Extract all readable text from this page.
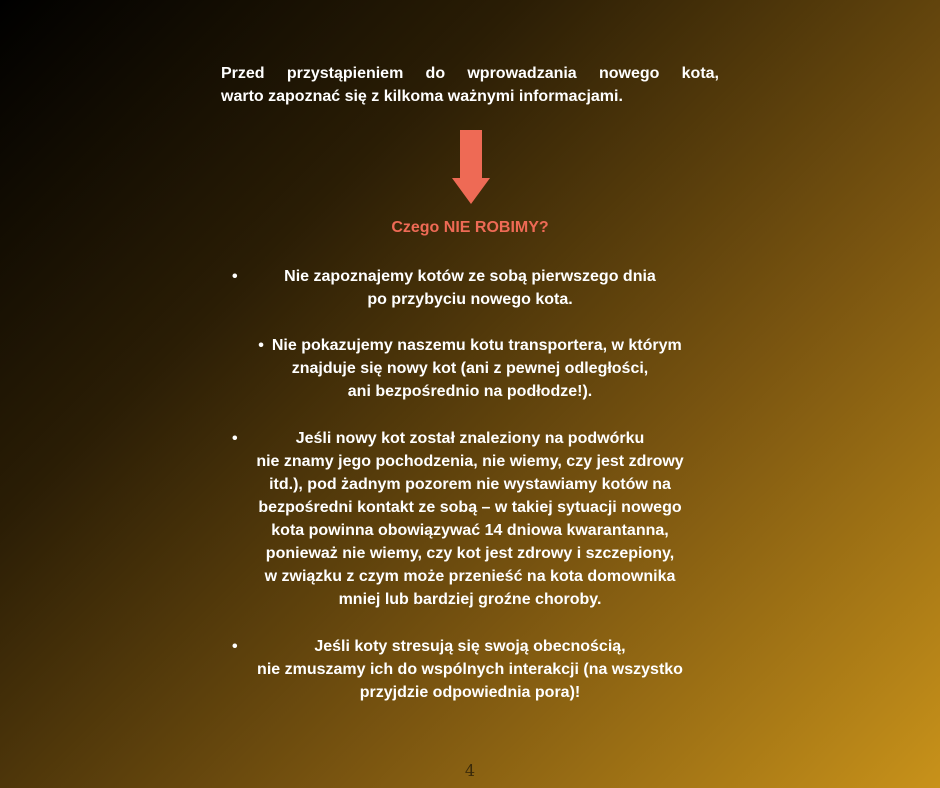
Przed przystąpieniem do wprowadzania nowego kota,
warto zapoznać się z kilkoma ważnymi informacjami.
Czego NIE ROBIMY?
•	Nie zapoznajemy kotów ze sobą pierwszego dnia
po przybyciu nowego kota.
• Nie pokazujemy naszemu kotu transportera, w którym
znajduje się nowy kot (ani z pewnej odległości,
ani bezpośrednio na podłodze!).
•	Jeśli nowy kot został znaleziony na podwórku
nie znamy jego pochodzenia, nie wiemy, czy jest zdrowy
itd.), pod żadnym pozorem nie wystawiamy kotów na
bezpośredni kontakt ze sobą – w takiej sytuacji nowego
kota powinna obowiązywać 14 dniowa kwarantanna,
ponieważ nie wiemy, czy kot jest zdrowy i szczepiony,
w związku z czym może przenieść na kota domownika
mniej lub bardziej groźne choroby.
•	Jeśli koty stresują się swoją obecnością,
nie zmuszamy ich do wspólnych interakcji (na wszystko
przyjdzie odpowiednia pora)!
4
